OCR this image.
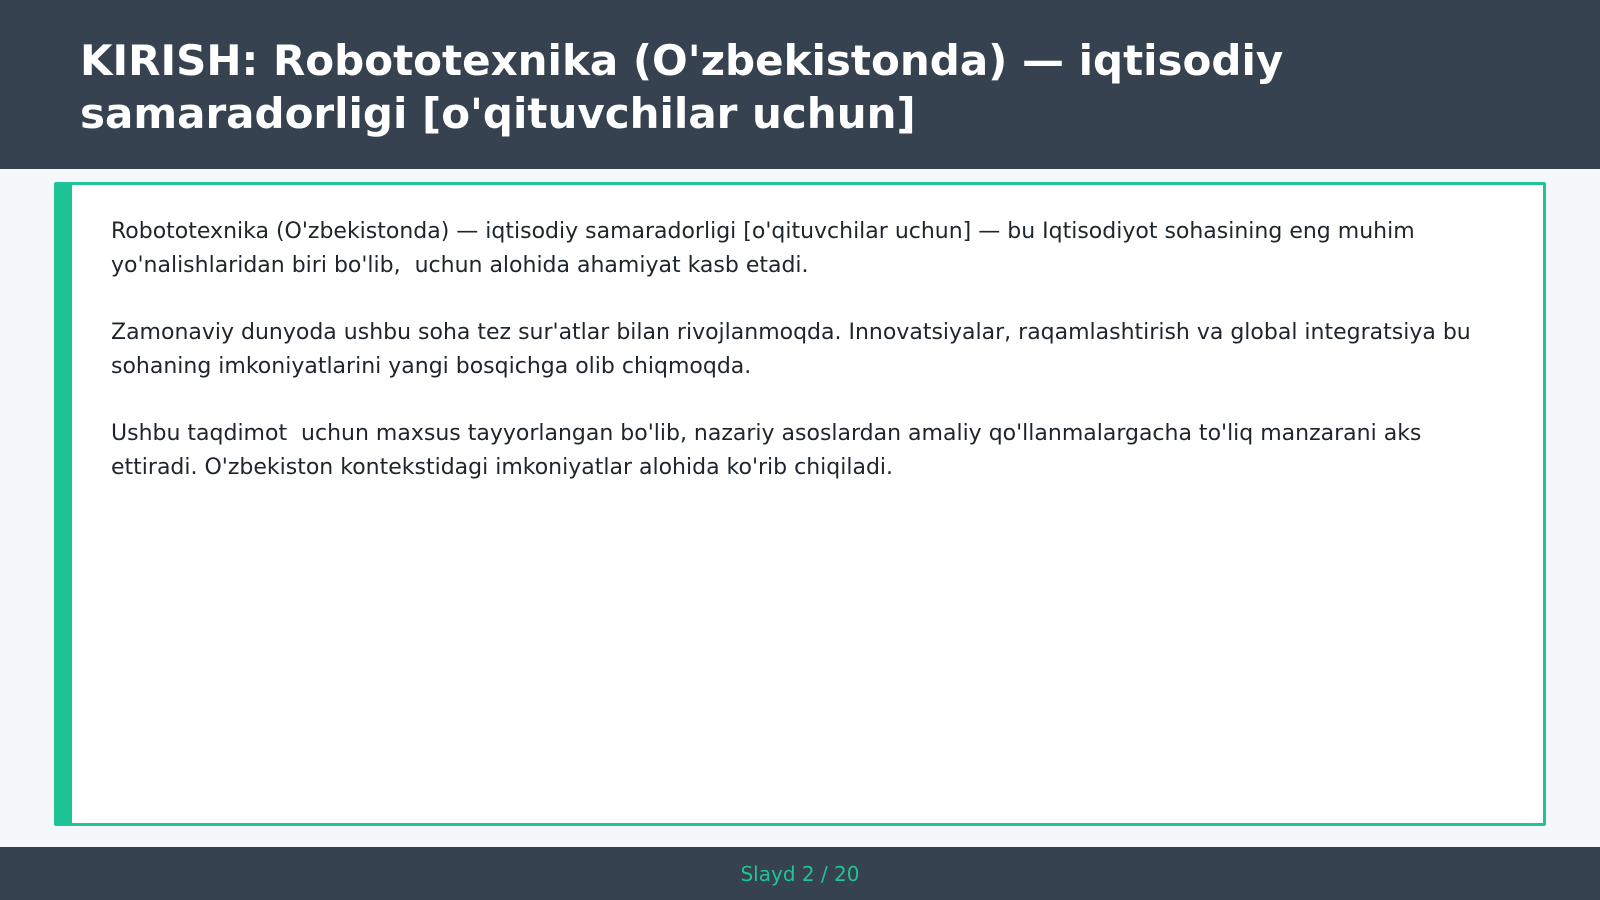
KIRISH: Robototexnika (O'zbekistonda) — iqtisodiy samaradorligi [o'qituvchilar uchun]

Robototexnika (O'zbekistonda) — iqtisodiy samaradorligi [o'qituvchilar uchun] — bu Iqtisodiyot sohasining eng muhim yo'nalishlaridan biri bo'lib,  uchun alohida ahamiyat kasb etadi.

Zamonaviy dunyoda ushbu soha tez sur'atlar bilan rivojlanmoqda. Innovatsiyalar, raqamlashtirish va global integratsiya bu sohaning imkoniyatlarini yangi bosqichga olib chiqmoqda.

Ushbu taqdimot  uchun maxsus tayyorlangan bo'lib, nazariy asoslardan amaliy qo'llanmalargacha to'liq manzarani aks ettiradi. O'zbekiston kontekstidagi imkoniyatlar alohida ko'rib chiqiladi.

Slayd 2 / 20
